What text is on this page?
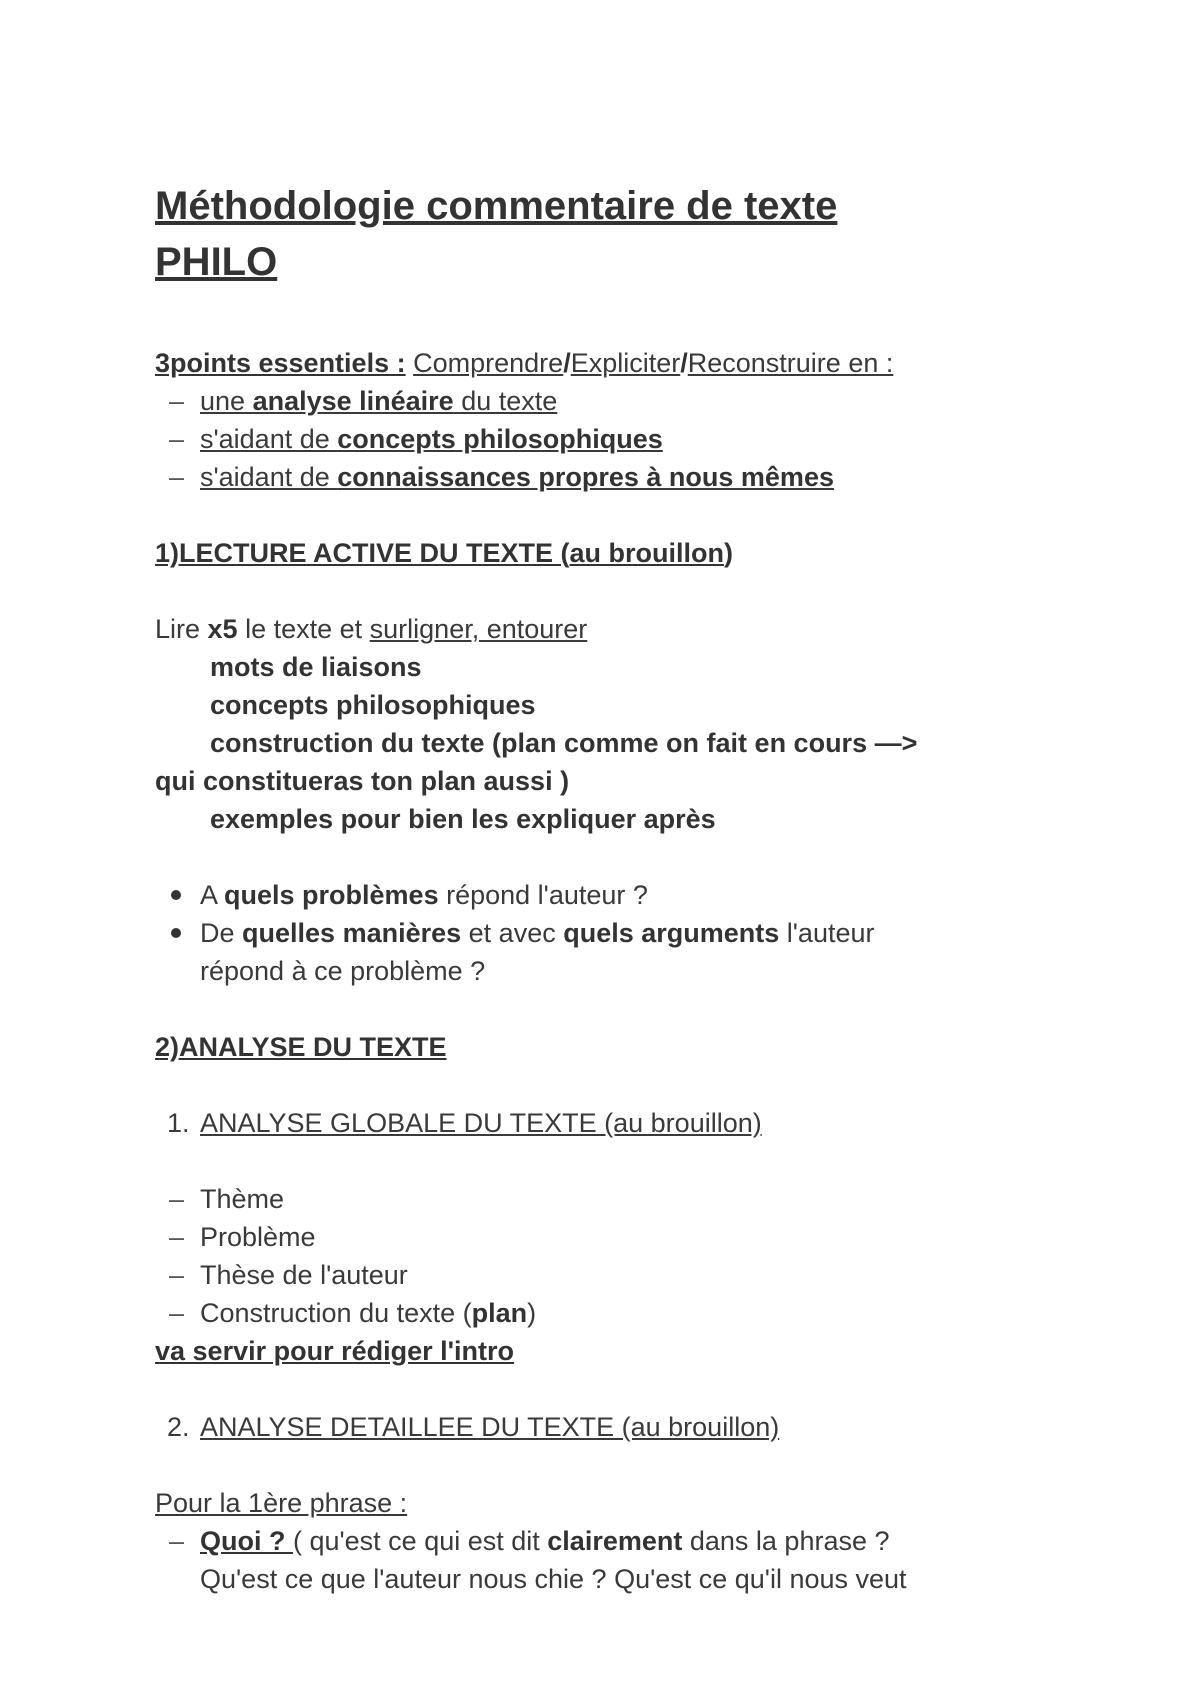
Méthodologie commentaire de texte
PHILO
3points essentiels : Comprendre/Expliciter/Reconstruire en :
– une analyse linéaire du texte
– s'aidant de concepts philosophiques
– s'aidant de connaissances propres à nous mêmes
1)LECTURE ACTIVE DU TEXTE (au brouillon)
Lire x5 le texte et surligner, entourer
mots de liaisons
concepts philosophiques
construction du texte (plan comme on fait en cours —>
qui constitueras ton plan aussi )
exemples pour bien les expliquer après
A quels problèmes répond l'auteur ?
De quelles manières et avec quels arguments l'auteur
répond à ce problème ?
2)ANALYSE DU TEXTE
1. ANALYSE GLOBALE DU TEXTE (au brouillon)
– Thème
– Problème
– Thèse de l'auteur
– Construction du texte (plan)
va servir pour rédiger l'intro
2. ANALYSE DETAILLEE DU TEXTE (au brouillon)
Pour la 1ère phrase :
– Quoi ? ( qu'est ce qui est dit clairement dans la phrase ?
Qu'est ce que l'auteur nous chie ? Qu'est ce qu'il nous veut
